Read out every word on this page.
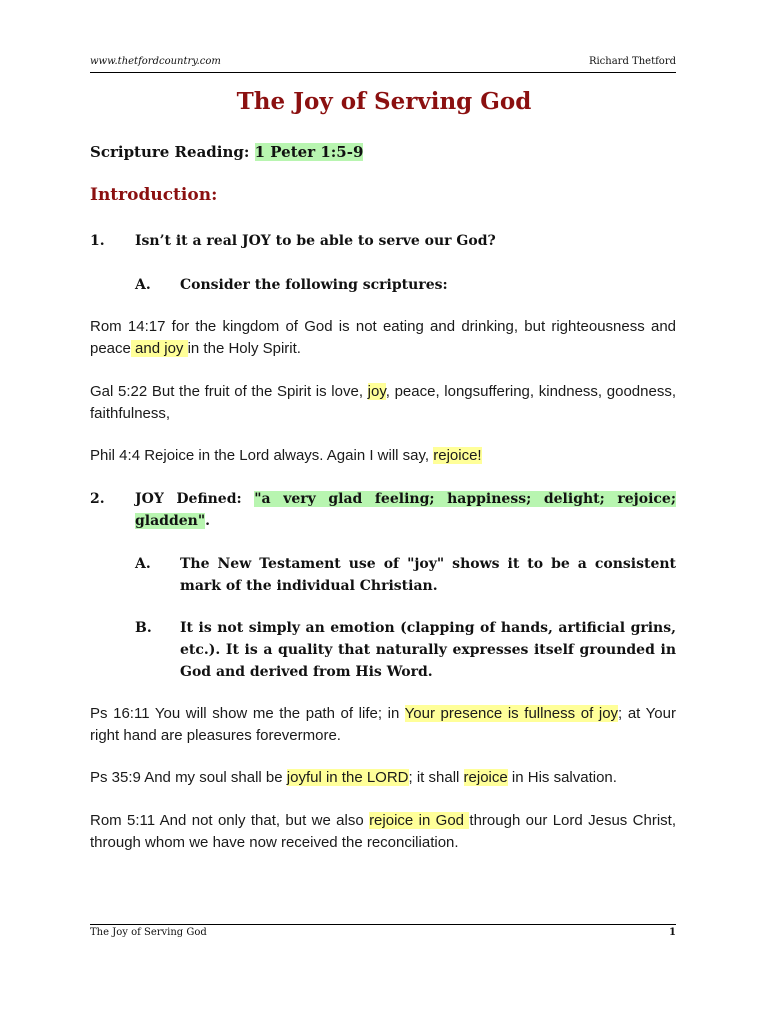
www.thetfordcountry.com	Richard Thetford
The Joy of Serving God
Scripture Reading: 1 Peter 1:5-9
Introduction:
1. Isn’t it a real JOY to be able to serve our God?
A. Consider the following scriptures:
Rom 14:17 for the kingdom of God is not eating and drinking, but righteousness and peace and joy in the Holy Spirit.
Gal 5:22 But the fruit of the Spirit is love, joy, peace, longsuffering, kindness, goodness, faithfulness,
Phil 4:4 Rejoice in the Lord always. Again I will say, rejoice!
2. JOY Defined: "a very glad feeling; happiness; delight; rejoice; gladden".
A. The New Testament use of "joy" shows it to be a consistent mark of the individual Christian.
B. It is not simply an emotion (clapping of hands, artificial grins, etc.). It is a quality that naturally expresses itself grounded in God and derived from His Word.
Ps 16:11 You will show me the path of life; in Your presence is fullness of joy; at Your right hand are pleasures forevermore.
Ps 35:9 And my soul shall be joyful in the LORD; it shall rejoice in His salvation.
Rom 5:11 And not only that, but we also rejoice in God through our Lord Jesus Christ, through whom we have now received the reconciliation.
The Joy of Serving God	1
